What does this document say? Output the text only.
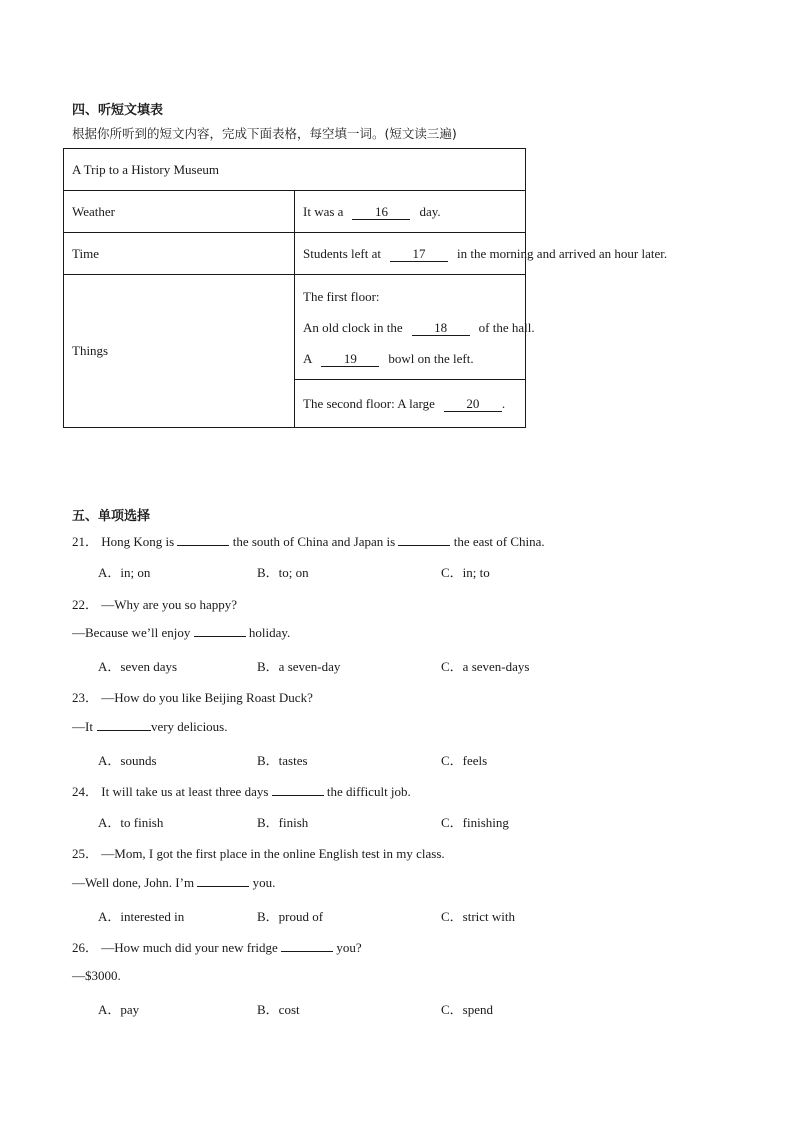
四、听短文填表
根据你所听到的短文内容，完成下面表格，每空填一词。(短文读三遍)
A Trip to a History Museum	
Weather	It was a 16 day.
Time	Students left at 17 in the morning and arrived an hour later.
Things	The first floor:
An old clock in the 18 of the hall.
A 19 bowl on the left.

	The second floor: A large 20 .
五、单项选择
21． Hong Kong is	the south of China and Japan is	the east of China.
A．in; on	B．to; on	C．in; to
22． —Why are you so happy?
—Because we’ll enjoy	holiday.
A．seven days	B．a seven-day	C．a seven-days
23． —How do you like Beijing Roast Duck?
—It	very delicious.
A．sounds	B．tastes	C．feels
24． It will take us at least three days	the difficult job.
A．to finish	B．finish	C．finishing
25． —Mom, I got the first place in the online English test in my class.
—Well done, John. I’m	you.
A．interested in	B．proud of	C．strict with
26． —How much did your new fridge	you?
—$3000.
A．pay	B．cost	C．spend
